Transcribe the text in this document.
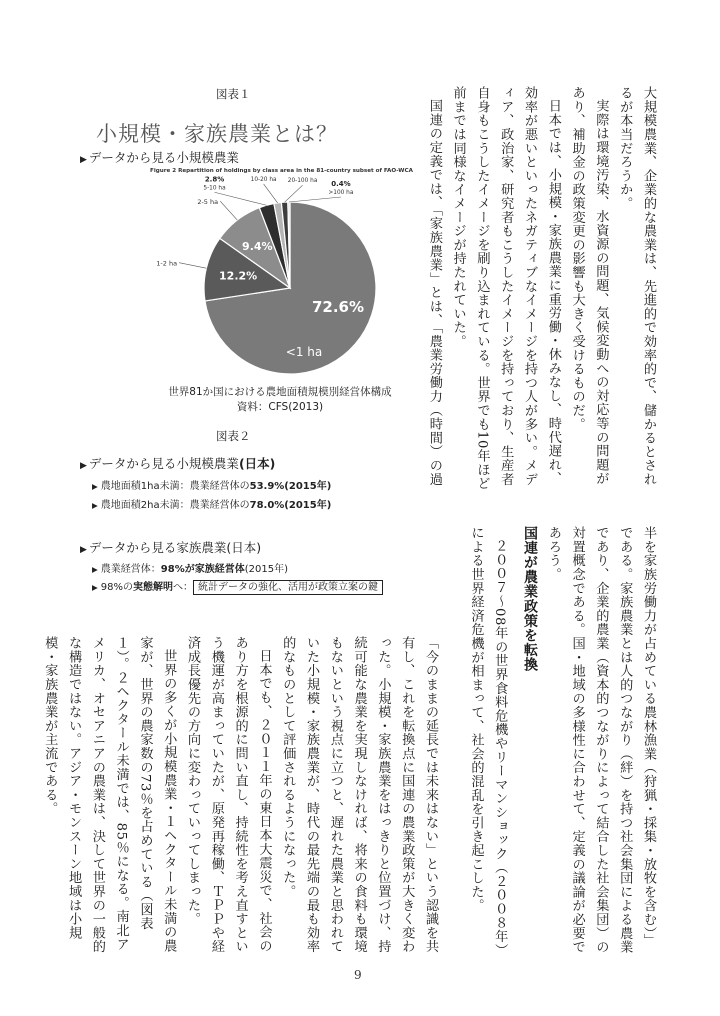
大規模農業、企業的な農業は、先進的で効率的で、儲かるとされるが本当だろうか。

実際は環境汚染、水資源の問題、気候変動への対応等の問題があり、補助金の政策変更の影響も大きく受けるものだ。

日本では、小規模・家族農業に重労働・休みなし、時代遅れ、効率が悪いといったネガティブなイメージを持つ人が多い。メディア、政治家、研究者もこうしたイメージを持っており、生産者自身もこうしたイメージを刷り込まれている。世界でも10年ほど前までは同様なイメージが持たれていた。

国連の定義では、「家族農業」とは、「農業労働力（時間）の過

半を家族労働力が占めている農林漁業（狩猟・採集・放牧を含む）」である。家族農業とは人的つながり（絆）を持つ社会集団による農業であり、企業的農業（資本的つながりによって結合した社会集団）の対置概念である。国・地域の多様性に合わせて、定義の議論が必要であろう。

国連が農業政策を転換

２００７〜08年の世界食料危機やリーマンショック（２００８年）による世界経済危機が相まって、社会的混乱を引き起こした。

「今のままの延長では未来はない」という認識を共有し、これを転換点に国連の農業政策が大きく変わった。小規模・家族農業をはっきりと位置づけ、持続可能な農業を実現しなければ、将来の食料も環境もないという視点に立つと、遅れた農業と思われていた小規模・家族農業が、時代の最先端の最も効率的なものとして評価されるようになった。

日本でも、２０１１年の東日本大震災で、社会のあり方を根源的に問い直し、持続性を考え直すという機運が高まっていたが、原発再稼働、ＴＰＰや経済成長優先の方向に変わっていってしまった。

世界の多くが小規模農業・１ヘクタール未満の農家が、世界の農家数の73％を占めている（図表１）。２ヘクタール未満では、85％になる。南北アメリカ、オセアニアの農業は、決して世界の一般的な構造ではない。アジア・モンスーン地域は小規模・家族農業が主流である。

図表１
小規模・家族農業とは？
▶ データから見る小規模農業
Figure 2 Repartition of holdings by class area in the 81-country subset of FAO-WCA
72.6%
<1 ha
12.2%
1-2 ha
9.4%
2-5 ha
2.8%
5-10 ha
10-20 ha 20-100 ha 0.4%
>100 ha
世界81か国における農地面積規模別経営体構成
資料：CFS(2013)
図表２
▶ データから見る小規模農業(日本)
▶ 農地面積1ha未満：農業経営体の53.9%(2015年)
▶ 農地面積2ha未満：農業経営体の78.0%(2015年)
▶ データから見る家族農業(日本)
▶ 農業経営体：98%が家族経営体(2015年)
▶ 98%の実態解明へ： 統計データの強化、活用が政策立案の鍵
9
